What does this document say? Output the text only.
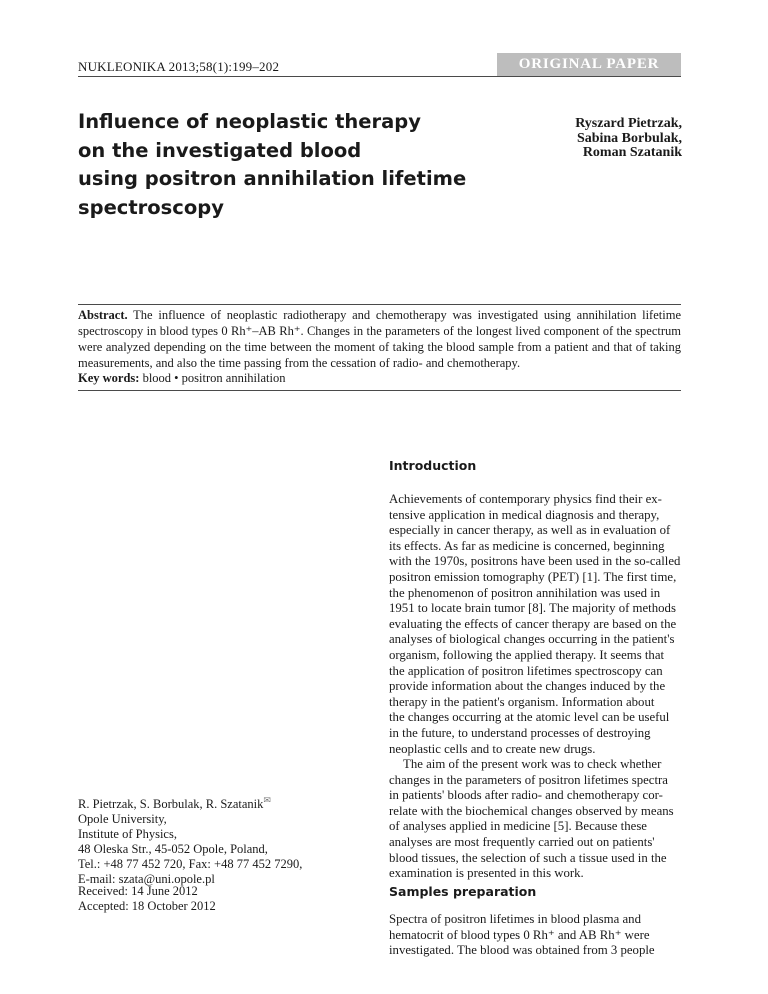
NUKLEONIKA 2013;58(1):199–202	ORIGINAL PAPER
Influence of neoplastic therapy
on the investigated blood
using positron annihilation lifetime
spectroscopy
Ryszard Pietrzak,
Sabina Borbulak,
Roman Szatanik

Abstract. The influence of neoplastic radiotherapy and chemotherapy was investigated using annihilation lifetime spectroscopy in blood types 0 Rh⁺–AB Rh⁺. Changes in the parameters of the longest lived component of the spectrum were analyzed depending on the time between the moment of taking the blood sample from a patient and that of taking measurements, and also the time passing from the cessation of radio- and chemotherapy.

Key words: blood • positron annihilation

R. Pietrzak, S. Borbulak, R. Szatanik✉
Opole University,
Institute of Physics,
48 Oleska Str., 45-052 Opole, Poland,
Tel.: +48 77 452 720, Fax: +48 77 452 7290,
E-mail: szata@uni.opole.pl
Received: 14 June 2012
Accepted: 18 October 2012
Introduction
Achievements of contemporary physics find their ex-
tensive application in medical diagnosis and therapy,
especially in cancer therapy, as well as in evaluation of
its effects. As far as medicine is concerned, beginning
with the 1970s, positrons have been used in the so-called
positron emission tomography (PET) [1]. The first time,
the phenomenon of positron annihilation was used in
1951 to locate brain tumor [8]. The majority of methods
evaluating the effects of cancer therapy are based on the
analyses of biological changes occurring in the patient's
organism, following the applied therapy. It seems that
the application of positron lifetimes spectroscopy can
provide information about the changes induced by the
therapy in the patient's organism. Information about
the changes occurring at the atomic level can be useful
in the future, to understand processes of destroying
neoplastic cells and to create new drugs.
The aim of the present work was to check whether
changes in the parameters of positron lifetimes spectra
in patients' bloods after radio- and chemotherapy cor-
relate with the biochemical changes observed by means
of analyses applied in medicine [5]. Because these
analyses are most frequently carried out on patients'
blood tissues, the selection of such a tissue used in the
examination is presented in this work.
Samples preparation
Spectra of positron lifetimes in blood plasma and
hematocrit of blood types 0 Rh⁺ and AB Rh⁺ were
investigated. The blood was obtained from 3 people
